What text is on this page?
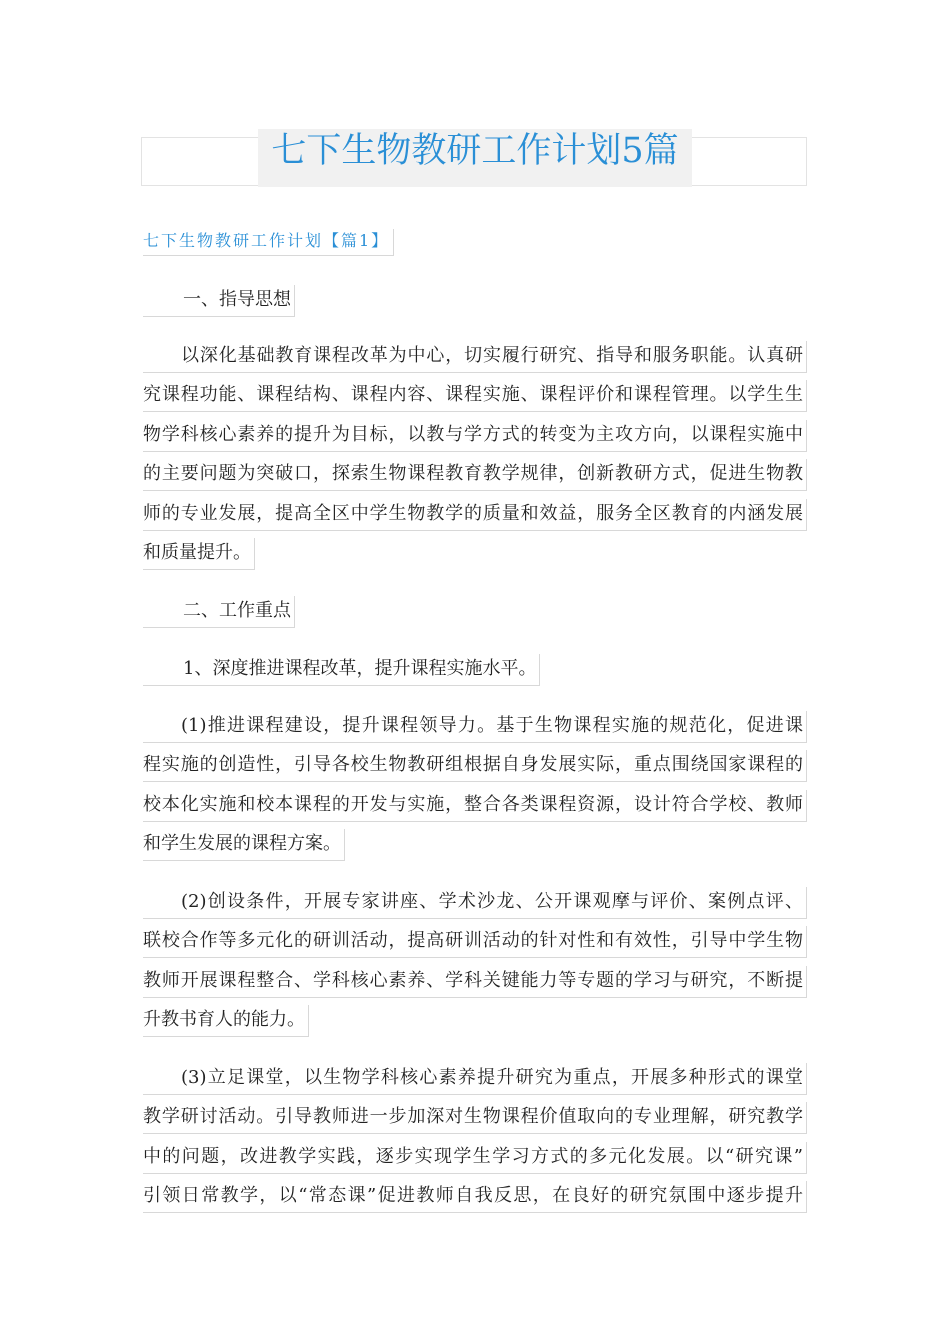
七下生物教研工作计划5篇
七下生物教研工作计划【篇1】
一、指导思想
以深化基础教育课程改革为中心，切实履行研究、指导和服务职能。认真研
究课程功能、课程结构、课程内容、课程实施、课程评价和课程管理。以学生生
物学科核心素养的提升为目标，以教与学方式的转变为主攻方向，以课程实施中
的主要问题为突破口，探索生物课程教育教学规律，创新教研方式，促进生物教
师的专业发展，提高全区中学生物教学的质量和效益，服务全区教育的内涵发展
和质量提升。
二、工作重点
1、深度推进课程改革，提升课程实施水平。
(1)推进课程建设，提升课程领导力。基于生物课程实施的规范化，促进课
程实施的创造性，引导各校生物教研组根据自身发展实际，重点围绕国家课程的
校本化实施和校本课程的开发与实施，整合各类课程资源，设计符合学校、教师
和学生发展的课程方案。
(2)创设条件，开展专家讲座、学术沙龙、公开课观摩与评价、案例点评、
联校合作等多元化的研训活动，提高研训活动的针对性和有效性，引导中学生物
教师开展课程整合、学科核心素养、学科关键能力等专题的学习与研究，不断提
升教书育人的能力。
(3)立足课堂，以生物学科核心素养提升研究为重点，开展多种形式的课堂
教学研讨活动。引导教师进一步加深对生物课程价值取向的专业理解，研究教学
中的问题，改进教学实践，逐步实现学生学习方式的多元化发展。以“研究课”
引领日常教学，以“常态课”促进教师自我反思，在良好的研究氛围中逐步提升
